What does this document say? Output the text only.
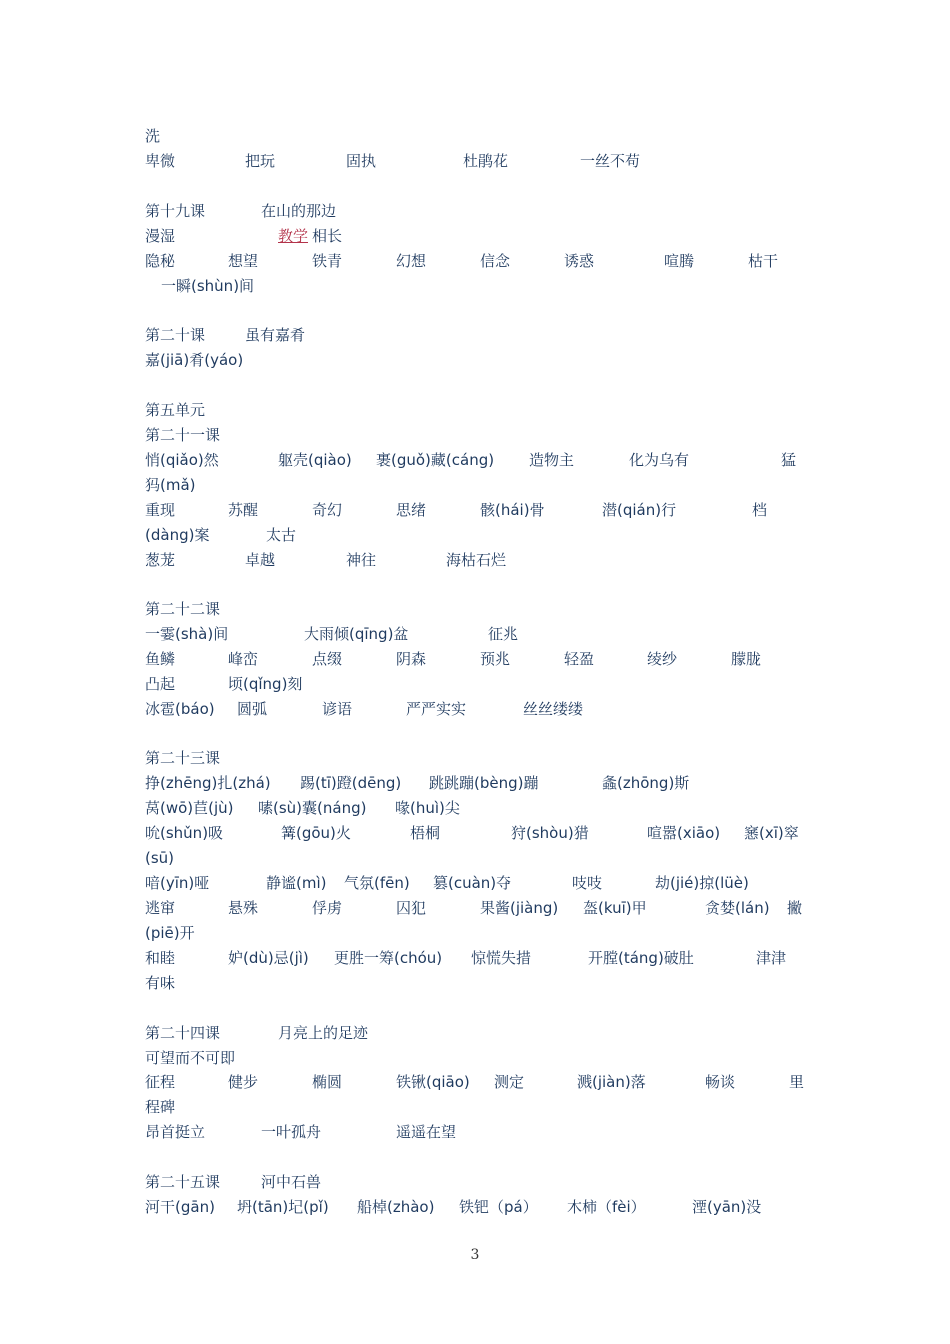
洗
卑微	把玩	固执	杜鹃花	一丝不苟
第十九课	在山的那边
漫湿	教学 相长
隐秘	想望	铁青	幻想	信念	诱惑	喧腾	枯干
一瞬(shùn)间
第二十课	虽有嘉肴
嘉(jiā)肴(yáo)
第五单元
第二十一课
悄(qiǎo)然	躯壳(qiào) 裹(guǒ)藏(cáng) 造物主	化为乌有	猛
犸(mǎ)
重现	苏醒	奇幻	思绪	骸(hái)骨	潜(qián)行	档
(dàng)案	太古
葱茏	卓越	神往	海枯石烂
第二十二课
一霎(shà)间	大雨倾(qīng)盆	征兆
鱼鳞	峰峦	点缀	阴森	预兆	轻盈	绫纱	朦胧
凸起	顷(qǐng)刻
冰雹(báo) 圆弧	谚语	严严实实	丝丝缕缕
第二十三课
挣(zhēng)扎(zhá) 踢(tī)蹬(dēng) 跳跳蹦(bèng)蹦	螽(zhōng)斯
莴(wō)苣(jù) 嗉(sù)囊(náng) 喙(huì)尖
吮(shǔn)吸	篝(gōu)火	梧桐	狩(shòu)猎	喧嚣(xiāo) 窸(xī)窣
(sū)
喑(yīn)哑	静谧(mì) 气氛(fēn) 篡(cuàn)夺	吱吱	劫(jié)掠(lüè)
逃窜	悬殊	俘虏	囚犯	果酱(jiàng) 盔(kuī)甲	贪婪(lán) 撇
(piē)开
和睦	妒(dù)忌(jì) 更胜一筹(chóu) 惊慌失措	开膛(táng)破肚	津津
有味
第二十四课	月亮上的足迹
可望而不可即
征程	健步	椭圆	铁锹(qiāo) 测定	溅(jiàn)落	畅谈	里
程碑
昂首挺立	一叶孤舟	遥遥在望
第二十五课	河中石兽
河干(gān) 坍(tān)圮(pǐ) 船棹(zhào) 铁钯（pá） 木柿（fèi）	湮(yān)没
3
